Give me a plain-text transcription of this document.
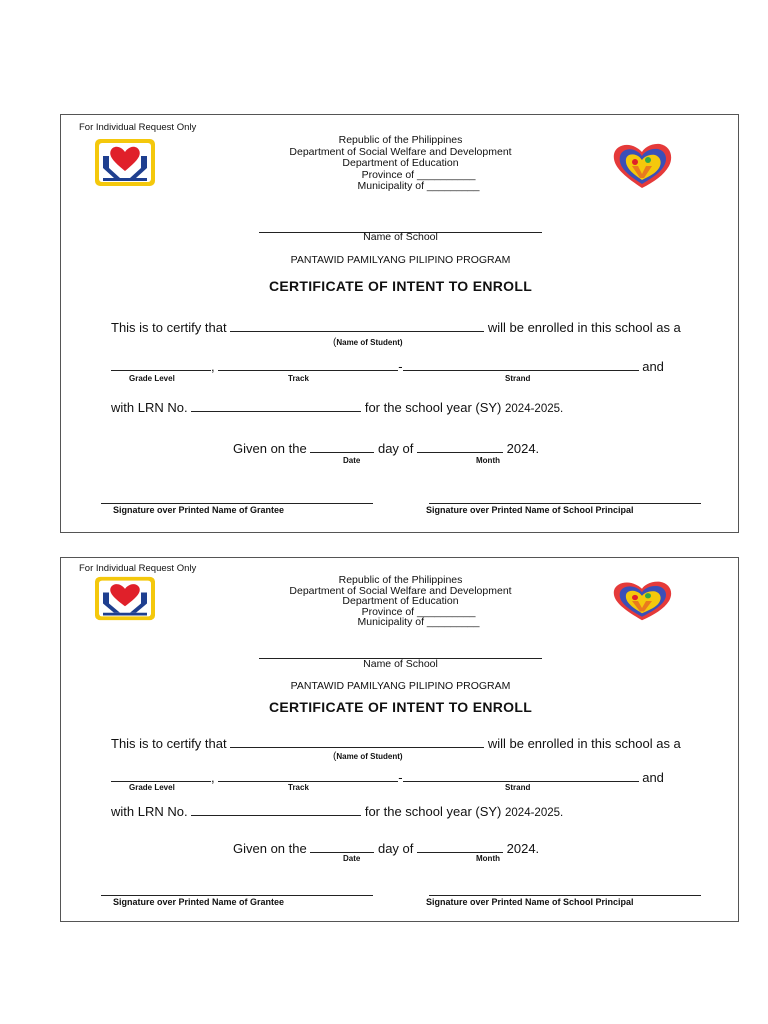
For Individual Request Only
Republic of the Philippines
Department of Social Welfare and Development
Department of Education
Province of __________
Municipality of _________
Name of School
PANTAWID PAMILYANG PILIPINO PROGRAM
CERTIFICATE OF INTENT TO ENROLL
This is to certify that	will be enrolled in this school as a
(Name of Student)
,	-	and
Grade Level	Track	Strand
with LRN No.	for the school year (SY) 2024-2025.
Given on the	day of	2024.
Date	Month
Signature over Printed Name of Grantee	Signature over Printed Name of School Principal
For Individual Request Only
Republic of the Philippines
Department of Social Welfare and Development
Department of Education
Province of __________
Municipality of _________
Name of School
PANTAWID PAMILYANG PILIPINO PROGRAM
CERTIFICATE OF INTENT TO ENROLL
This is to certify that	will be enrolled in this school as a
(Name of Student)
,	-	and
Grade Level	Track	Strand
with LRN No.	for the school year (SY) 2024-2025.
Given on the	day of	2024.
Date	Month
Signature over Printed Name of Grantee	Signature over Printed Name of School Principal
